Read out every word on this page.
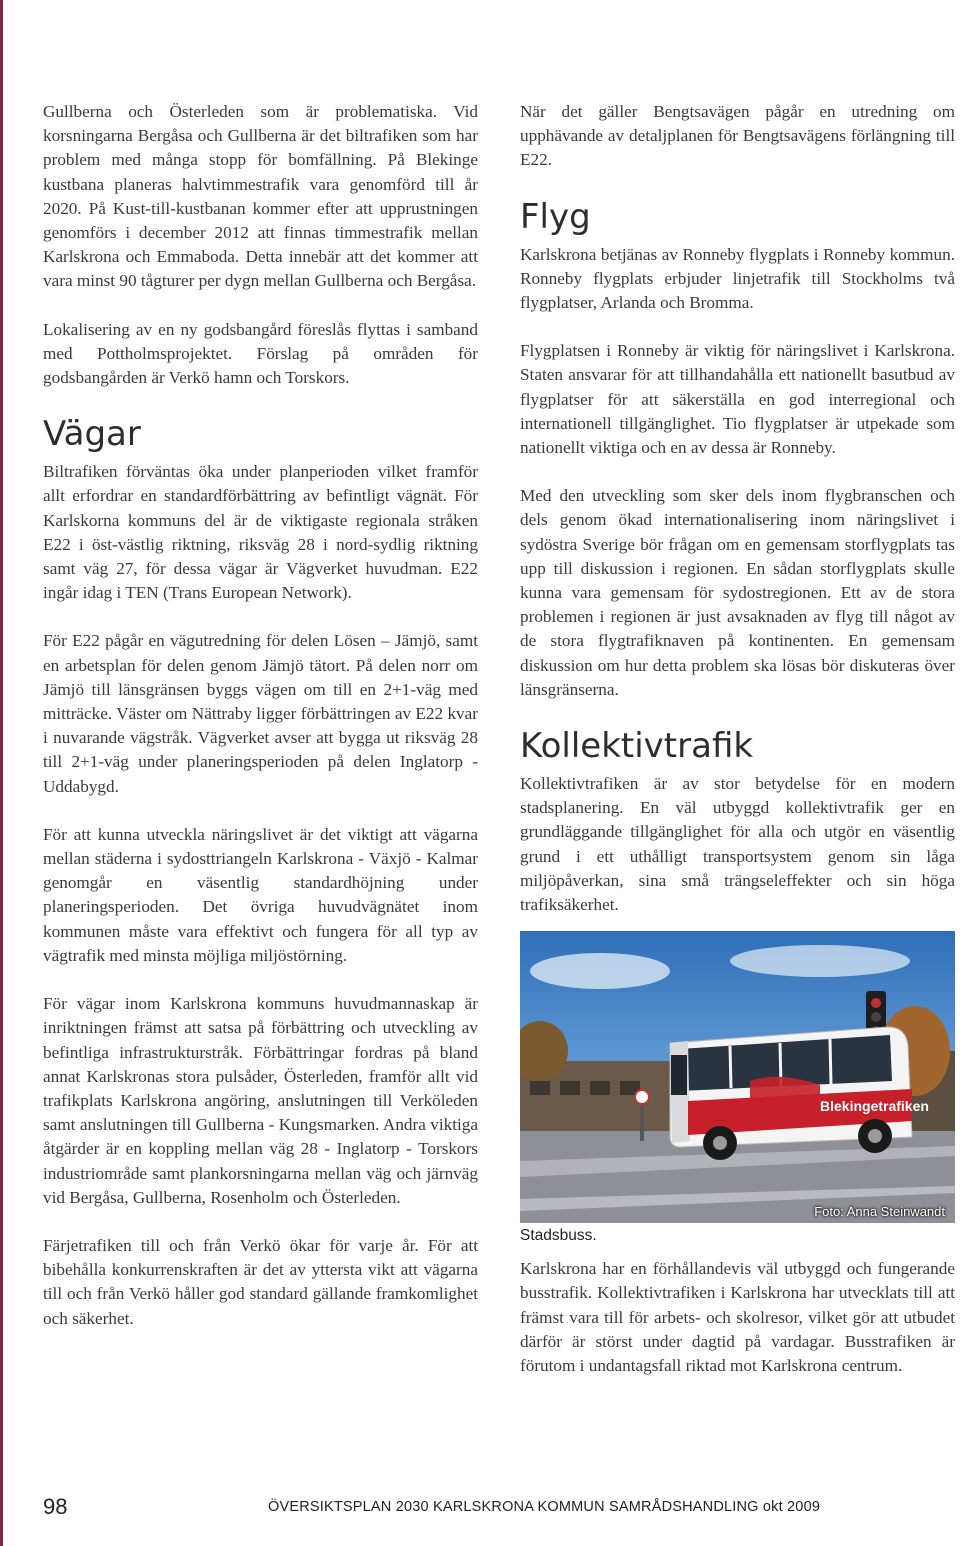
Gullberna och Österleden som är problematiska. Vid korsningarna Bergåsa och Gullberna är det biltrafiken som har problem med många stopp för bomfällning. På Blekinge kustbana planeras halvtimmestrafik vara genomförd till år 2020. På Kust-till-kustbanan kommer efter att upprustningen genomförs i december 2012 att finnas timmestrafik mellan Karlskrona och Emmaboda. Detta innebär att det kommer att vara minst 90 tågturer per dygn mellan Gullberna och Bergåsa.

Lokalisering av en ny godsbangård föreslås flyttas i samband med Pottholmsprojektet. Förslag på områden för godsbangården är Verkö hamn och Torskors.

Vägar

Biltrafiken förväntas öka under planperioden vilket framför allt erfordrar en standardförbättring av befintligt vägnät. För Karlskorna kommuns del är de viktigaste regionala stråken E22 i öst-västlig riktning, riksväg 28 i nord-sydlig riktning samt väg 27, för dessa vägar är Vägverket huvudman. E22 ingår idag i TEN (Trans European Network).

För E22 pågår en vägutredning för delen Lösen – Jämjö, samt en arbetsplan för delen genom Jämjö tätort. På delen norr om Jämjö till länsgränsen byggs vägen om till en 2+1-väg med mitträcke. Väster om Nättraby ligger förbättringen av E22 kvar i nuvarande vägstråk. Vägverket avser att bygga ut riksväg 28 till 2+1-väg under planeringsperioden på delen Inglatorp - Uddabygd.

För att kunna utveckla näringslivet är det viktigt att vägarna mellan städerna i sydosttriangeln Karlskrona - Växjö - Kalmar genomgår en väsentlig standardhöjning under planeringsperioden. Det övriga huvudvägnätet inom kommunen måste vara effektivt och fungera för all typ av vägtrafik med minsta möjliga miljöstörning.

För vägar inom Karlskrona kommuns huvudmannaskap är inriktningen främst att satsa på förbättring och utveckling av befintliga infrastrukturstråk. Förbättringar fordras på bland annat Karlskronas stora pulsåder, Österleden, framför allt vid trafikplats Karlskrona angöring, anslutningen till Verköleden samt anslutningen till Gullberna - Kungsmarken. Andra viktiga åtgärder är en koppling mellan väg 28 - Inglatorp - Torskors industriområde samt plankorsningarna mellan väg och järnväg vid Bergåsa, Gullberna, Rosenholm och Österleden.

Färjetrafiken till och från Verkö ökar för varje år. För att bibehålla konkurrenskraften är det av yttersta vikt att vägarna till och från Verkö håller god standard gällande framkomlighet och säkerhet.

När det gäller Bengtsavägen pågår en utredning om upphävande av detaljplanen för Bengtsavägens förlängning till E22.

Flyg

Karlskrona betjänas av Ronneby flygplats i Ronneby kommun. Ronneby flygplats erbjuder linjetrafik till Stockholms två flygplatser, Arlanda och Bromma.

Flygplatsen i Ronneby är viktig för näringslivet i Karlskrona. Staten ansvarar för att tillhandahålla ett nationellt basutbud av flygplatser för att säkerställa en god interregional och internationell tillgänglighet. Tio flygplatser är utpekade som nationellt viktiga och en av dessa är Ronneby.

Med den utveckling som sker dels inom flygbranschen och dels genom ökad internationalisering inom näringslivet i sydöstra Sverige bör frågan om en gemensam storflygplats tas upp till diskussion i regionen. En sådan storflygplats skulle kunna vara gemensam för sydostregionen. Ett av de stora problemen i regionen är just avsaknaden av flyg till något av de stora flygtrafiknaven på kontinenten. En gemensam diskussion om hur detta problem ska lösas bör diskuteras över länsgränserna.

Kollektivtrafik

Kollektivtrafiken är av stor betydelse för en modern stadsplanering. En väl utbyggd kollektivtrafik ger en grundläggande tillgänglighet för alla och utgör en väsentlig grund i ett uthålligt transportsystem genom sin låga miljöpåverkan, sina små trängseleffekter och sin höga trafiksäkerhet.

Blekingetrafiken
Foto: Anna Steinwandt
Stadsbuss.

Karlskrona har en förhållandevis väl utbyggd och fungerande busstrafik. Kollektivtrafiken i Karlskrona har utvecklats till att främst vara till för arbets- och skolresor, vilket gör att utbudet därför är störst under dagtid på vardagar. Busstrafiken är förutom i undantagsfall riktad mot Karlskrona centrum.

98	ÖVERSIKTSPLAN 2030 KARLSKRONA KOMMUN SAMRÅDSHANDLING okt 2009
